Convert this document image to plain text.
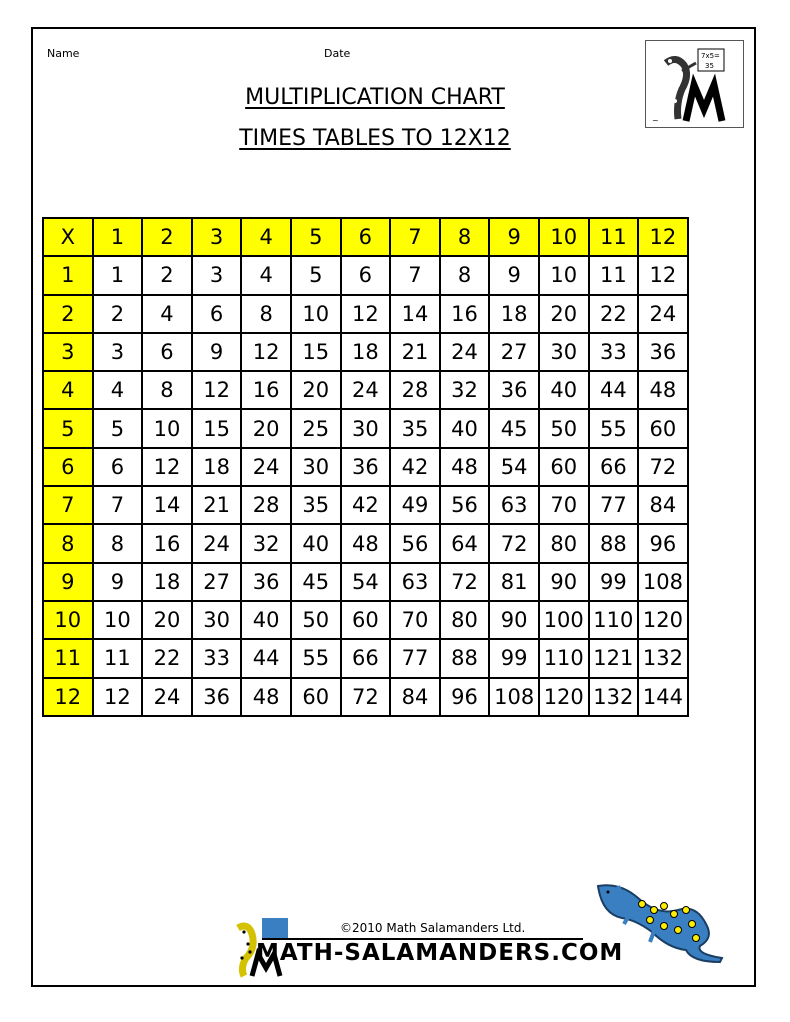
Name	Date
MULTIPLICATION CHART
TIMES TABLES TO 12X12
7x5=
35
~
X	1	2	3	4	5	6	7	8	9	10	11	12
1	1	2	3	4	5	6	7	8	9	10	11	12
2	2	4	6	8	10	12	14	16	18	20	22	24
3	3	6	9	12	15	18	21	24	27	30	33	36
4	4	8	12	16	20	24	28	32	36	40	44	48
5	5	10	15	20	25	30	35	40	45	50	55	60
6	6	12	18	24	30	36	42	48	54	60	66	72
7	7	14	21	28	35	42	49	56	63	70	77	84
8	8	16	24	32	40	48	56	64	72	80	88	96
9	9	18	27	36	45	54	63	72	81	90	99	108
10	10	20	30	40	50	60	70	80	90	100	110	120
11	11	22	33	44	55	66	77	88	99	110	121	132
12	12	24	36	48	60	72	84	96	108	120	132	144
©2010 Math Salamanders Ltd.
MATH-SALAMANDERS.COM
